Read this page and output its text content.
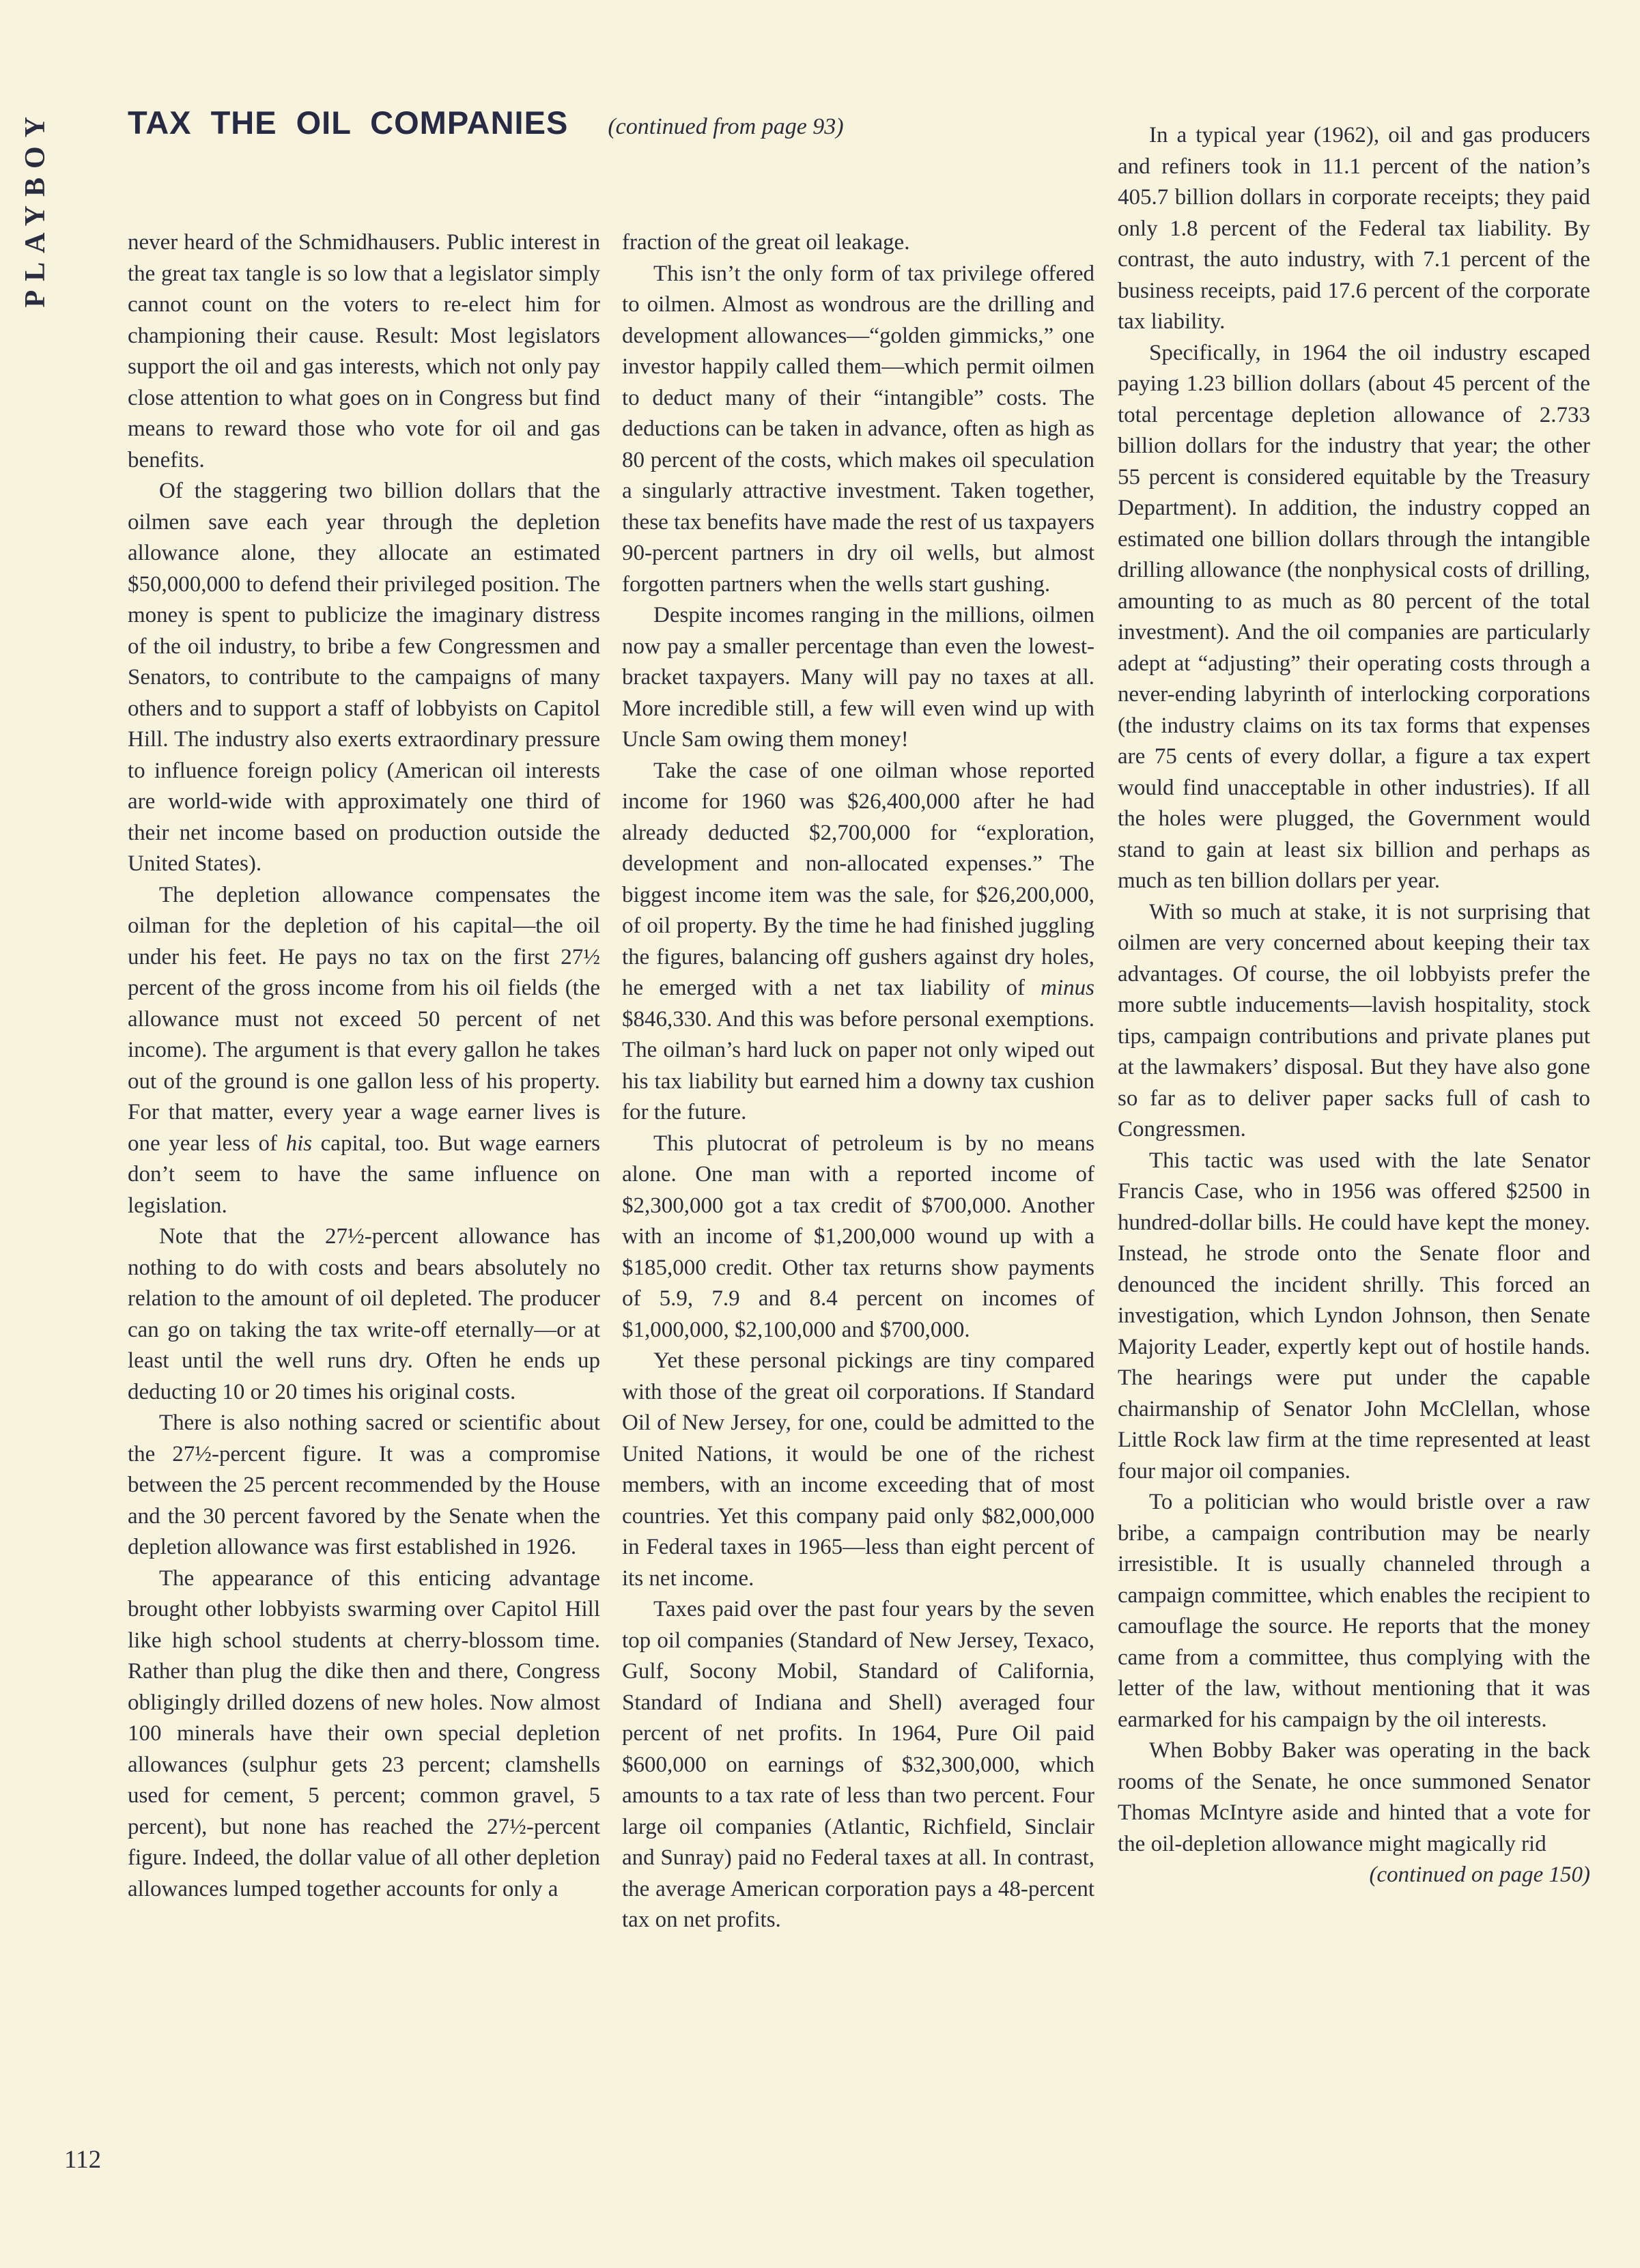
PLAYBOY TAX THE OIL COMPANIES (continued from page 93)

never heard of the Schmidhausers. Public interest in the great tax tangle is so low that a legislator simply cannot count on the voters to re-elect him for championing their cause. Result: Most legislators support the oil and gas interests, which not only pay close attention to what goes on in Congress but find means to reward those who vote for oil and gas benefits.

Of the staggering two billion dollars that the oilmen save each year through the depletion allowance alone, they allocate an estimated $50,000,000 to defend their privileged position. The money is spent to publicize the imaginary distress of the oil industry, to bribe a few Congressmen and Senators, to contribute to the campaigns of many others and to support a staff of lobbyists on Capitol Hill. The industry also exerts extraordinary pressure to influence foreign policy (American oil interests are world-wide with approximately one third of their net income based on production outside the United States).

The depletion allowance compensates the oilman for the depletion of his capital—the oil under his feet. He pays no tax on the first 27½ percent of the gross income from his oil fields (the allowance must not exceed 50 percent of net income). The argument is that every gallon he takes out of the ground is one gallon less of his property. For that matter, every year a wage earner lives is one year less of his capital, too. But wage earners don’t seem to have the same influence on legislation.

Note that the 27½-percent allowance has nothing to do with costs and bears absolutely no relation to the amount of oil depleted. The producer can go on taking the tax write-off eternally—or at least until the well runs dry. Often he ends up deducting 10 or 20 times his original costs.

There is also nothing sacred or scientific about the 27½-percent figure. It was a compromise between the 25 percent recommended by the House and the 30 percent favored by the Senate when the depletion allowance was first established in 1926.

The appearance of this enticing advantage brought other lobbyists swarming over Capitol Hill like high school students at cherry-blossom time. Rather than plug the dike then and there, Congress obligingly drilled dozens of new holes. Now almost 100 minerals have their own special depletion allowances (sulphur gets 23 percent; clamshells used for cement, 5 percent; common gravel, 5 percent), but none has reached the 27½-percent figure. Indeed, the dollar value of all other depletion allowances lumped together accounts for only a

fraction of the great oil leakage.

This isn’t the only form of tax privilege offered to oilmen. Almost as wondrous are the drilling and development allowances—“golden gimmicks,” one investor happily called them—which permit oilmen to deduct many of their “intangible” costs. The deductions can be taken in advance, often as high as 80 percent of the costs, which makes oil speculation a singularly attractive investment. Taken together, these tax benefits have made the rest of us taxpayers 90-percent partners in dry oil wells, but almost forgotten partners when the wells start gushing.

Despite incomes ranging in the millions, oilmen now pay a smaller percentage than even the lowest-bracket taxpayers. Many will pay no taxes at all. More incredible still, a few will even wind up with Uncle Sam owing them money!

Take the case of one oilman whose reported income for 1960 was $26,400,000 after he had already deducted $2,700,000 for “exploration, development and non-allocated expenses.” The biggest income item was the sale, for $26,200,000, of oil property. By the time he had finished juggling the figures, balancing off gushers against dry holes, he emerged with a net tax liability of minus $846,330. And this was before personal exemptions. The oilman’s hard luck on paper not only wiped out his tax liability but earned him a downy tax cushion for the future.

This plutocrat of petroleum is by no means alone. One man with a reported income of $2,300,000 got a tax credit of $700,000. Another with an income of $1,200,000 wound up with a $185,000 credit. Other tax returns show payments of 5.9, 7.9 and 8.4 percent on incomes of $1,000,000, $2,100,000 and $700,000.

Yet these personal pickings are tiny compared with those of the great oil corporations. If Standard Oil of New Jersey, for one, could be admitted to the United Nations, it would be one of the richest members, with an income exceeding that of most countries. Yet this company paid only $82,000,000 in Federal taxes in 1965—less than eight percent of its net income.

Taxes paid over the past four years by the seven top oil companies (Standard of New Jersey, Texaco, Gulf, Socony Mobil, Standard of California, Standard of Indiana and Shell) averaged four percent of net profits. In 1964, Pure Oil paid $600,000 on earnings of $32,300,000, which amounts to a tax rate of less than two percent. Four large oil companies (Atlantic, Richfield, Sinclair and Sunray) paid no Federal taxes at all. In contrast, the average American corporation pays a 48-percent tax on net profits.

In a typical year (1962), oil and gas producers and refiners took in 11.1 percent of the nation’s 405.7 billion dollars in corporate receipts; they paid only 1.8 percent of the Federal tax liability. By contrast, the auto industry, with 7.1 percent of the business receipts, paid 17.6 percent of the corporate tax liability.

Specifically, in 1964 the oil industry escaped paying 1.23 billion dollars (about 45 percent of the total percentage depletion allowance of 2.733 billion dollars for the industry that year; the other 55 percent is considered equitable by the Treasury Department). In addition, the industry copped an estimated one billion dollars through the intangible drilling allowance (the nonphysical costs of drilling, amounting to as much as 80 percent of the total investment). And the oil companies are particularly adept at “adjusting” their operating costs through a never-ending labyrinth of interlocking corporations (the industry claims on its tax forms that expenses are 75 cents of every dollar, a figure a tax expert would find unacceptable in other industries). If all the holes were plugged, the Government would stand to gain at least six billion and perhaps as much as ten billion dollars per year.

With so much at stake, it is not surprising that oilmen are very concerned about keeping their tax advantages. Of course, the oil lobbyists prefer the more subtle inducements—lavish hospitality, stock tips, campaign contributions and private planes put at the lawmakers’ disposal. But they have also gone so far as to deliver paper sacks full of cash to Congressmen.

This tactic was used with the late Senator Francis Case, who in 1956 was offered $2500 in hundred-dollar bills. He could have kept the money. Instead, he strode onto the Senate floor and denounced the incident shrilly. This forced an investigation, which Lyndon Johnson, then Senate Majority Leader, expertly kept out of hostile hands. The hearings were put under the capable chairmanship of Senator John McClellan, whose Little Rock law firm at the time represented at least four major oil companies.

To a politician who would bristle over a raw bribe, a campaign contribution may be nearly irresistible. It is usually channeled through a campaign committee, which enables the recipient to camouflage the source. He reports that the money came from a committee, thus complying with the letter of the law, without mentioning that it was earmarked for his campaign by the oil interests.

When Bobby Baker was operating in the back rooms of the Senate, he once summoned Senator Thomas McIntyre aside and hinted that a vote for the oil-depletion allowance might magically rid

(continued on page 150)

112
